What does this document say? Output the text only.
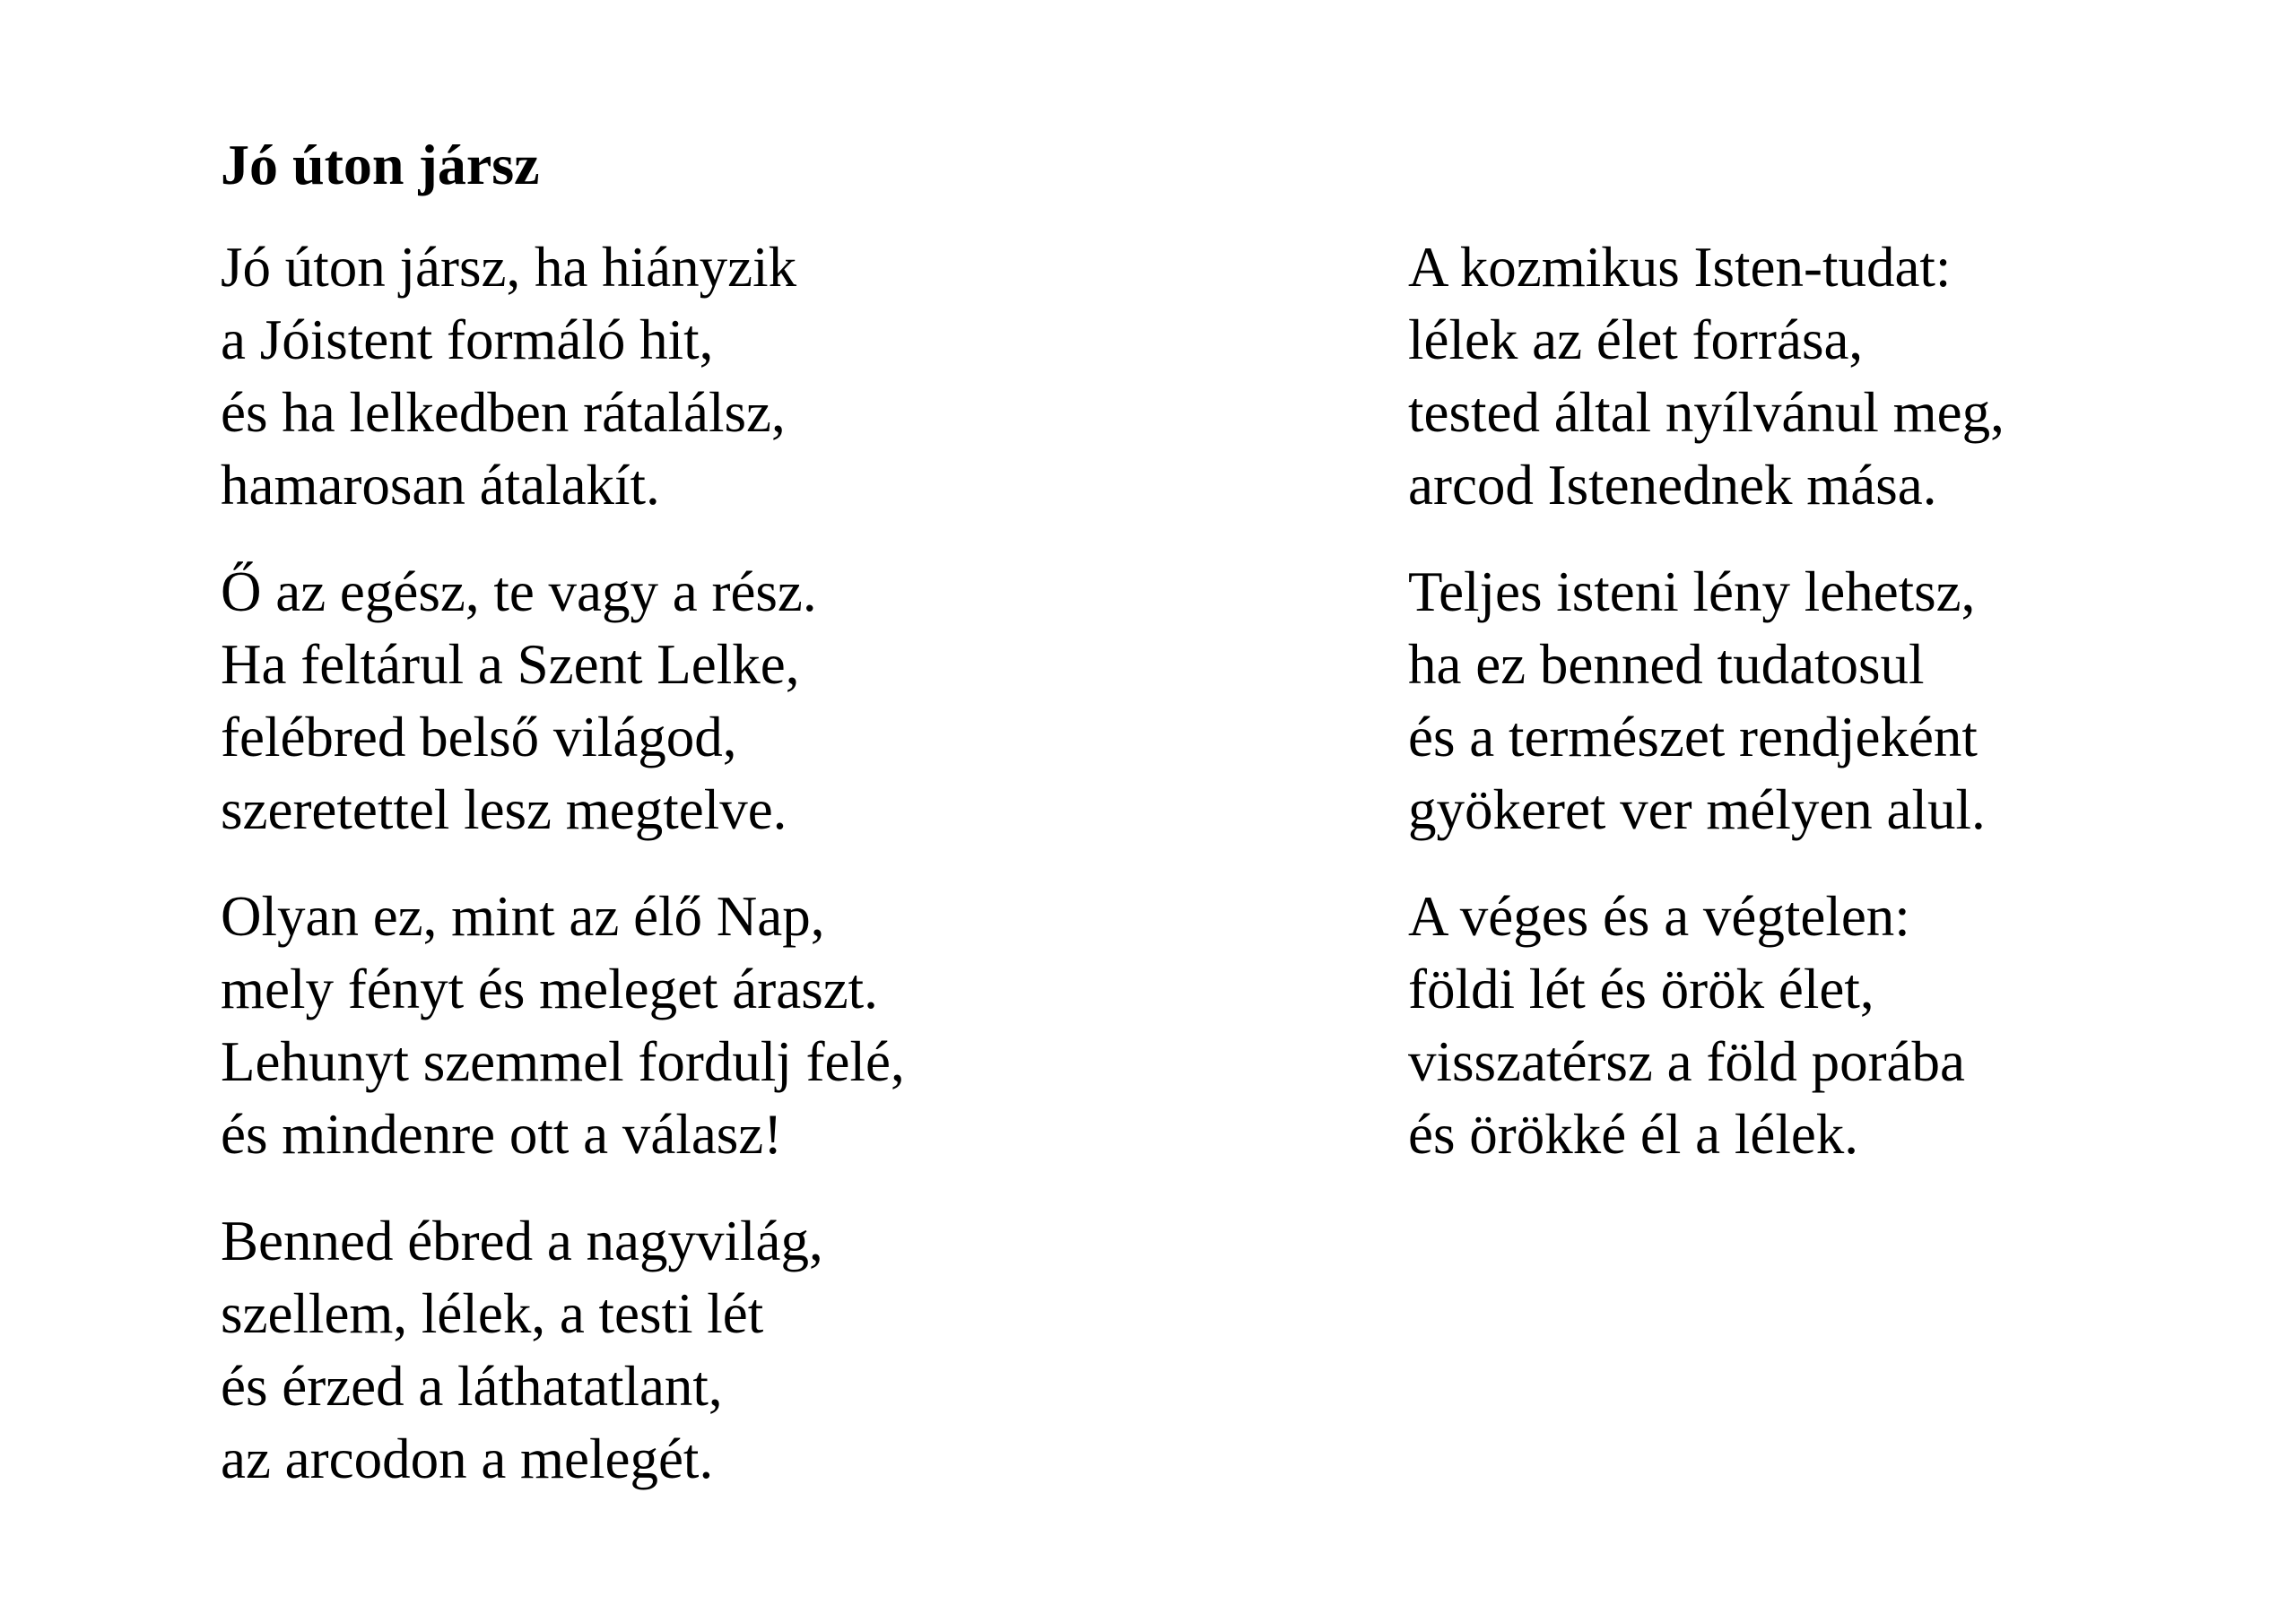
Jó úton jársz
Jó úton jársz, ha hiányzik
a Jóistent formáló hit,
és ha lelkedben rátalálsz,
hamarosan átalakít.
Ő az egész, te vagy a rész.
Ha feltárul a Szent Lelke,
felébred belső világod,
szeretettel lesz megtelve.
Olyan ez, mint az élő Nap,
mely fényt és meleget áraszt.
Lehunyt szemmel fordulj felé,
és mindenre ott a válasz!
Benned ébred a nagyvilág,
szellem, lélek, a testi lét
és érzed a láthatatlant,
az arcodon a melegét.
A kozmikus Isten-tudat:
lélek az élet forrása,
tested által nyílvánul meg,
arcod Istenednek mása.
Teljes isteni lény lehetsz,
ha ez benned tudatosul
és a természet rendjeként
gyökeret ver mélyen alul.
A véges és a végtelen:
földi lét és örök élet,
visszatérsz a föld porába
és örökké él a lélek.
